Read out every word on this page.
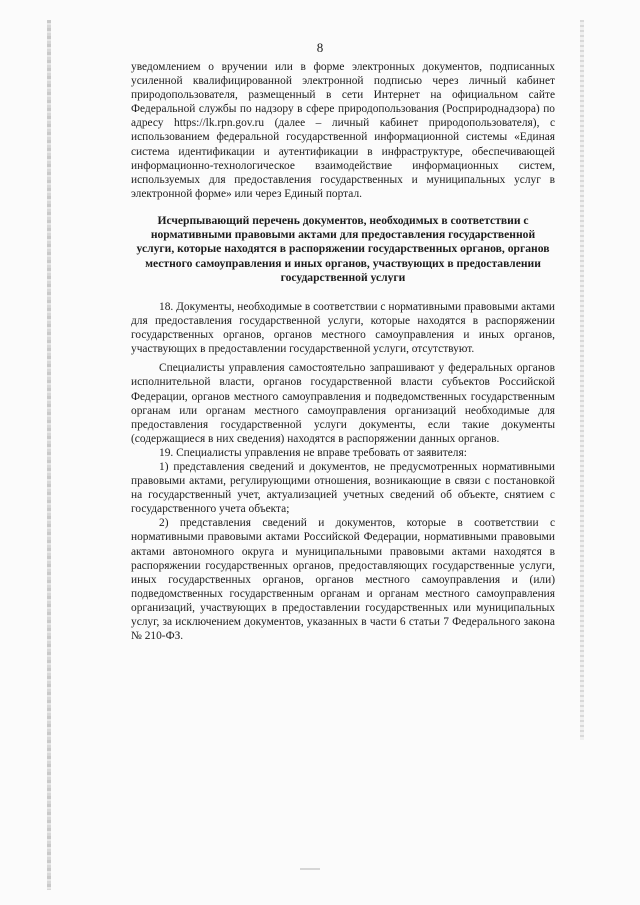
8

уведомлением о вручении или в форме электронных документов, подписанных усиленной квалифицированной электронной подписью через личный кабинет природопользователя, размещенный в сети Интернет на официальном сайте Федеральной службы по надзору в сфере природопользования (Росприроднадзора) по адресу https://lk.rpn.gov.ru (далее – личный кабинет природопользователя), с использованием федеральной государственной информационной системы «Единая система идентификации и аутентификации в инфраструктуре, обеспечивающей информационно-технологическое взаимодействие информационных систем, используемых для предоставления государственных и муниципальных услуг в электронной форме» или через Единый портал.

Исчерпывающий перечень документов, необходимых в соответствии с нормативными правовыми актами для предоставления государственной услуги, которые находятся в распоряжении государственных органов, органов местного самоуправления и иных органов, участвующих в предоставлении государственной услуги

18. Документы, необходимые в соответствии с нормативными правовыми актами для предоставления государственной услуги, которые находятся в распоряжении государственных органов, органов местного самоуправления и иных органов, участвующих в предоставлении государственной услуги, отсутствуют.

Специалисты управления самостоятельно запрашивают у федеральных органов исполнительной власти, органов государственной власти субъектов Российской Федерации, органов местного самоуправления и подведомственных государственным органам или органам местного самоуправления организаций необходимые для предоставления государственной услуги документы, если такие документы (содержащиеся в них сведения) находятся в распоряжении данных органов.

19. Специалисты управления не вправе требовать от заявителя:

1) представления сведений и документов, не предусмотренных нормативными правовыми актами, регулирующими отношения, возникающие в связи с постановкой на государственный учет, актуализацией учетных сведений об объекте, снятием с государственного учета объекта;

2) представления сведений и документов, которые в соответствии с нормативными правовыми актами Российской Федерации, нормативными правовыми актами автономного округа и муниципальными правовыми актами находятся в распоряжении государственных органов, предоставляющих государственные услуги, иных государственных органов, органов местного самоуправления и (или) подведомственных государственным органам и органам местного самоуправления организаций, участвующих в предоставлении государственных или муниципальных услуг, за исключением документов, указанных в части 6 статьи 7 Федерального закона № 210-ФЗ.
